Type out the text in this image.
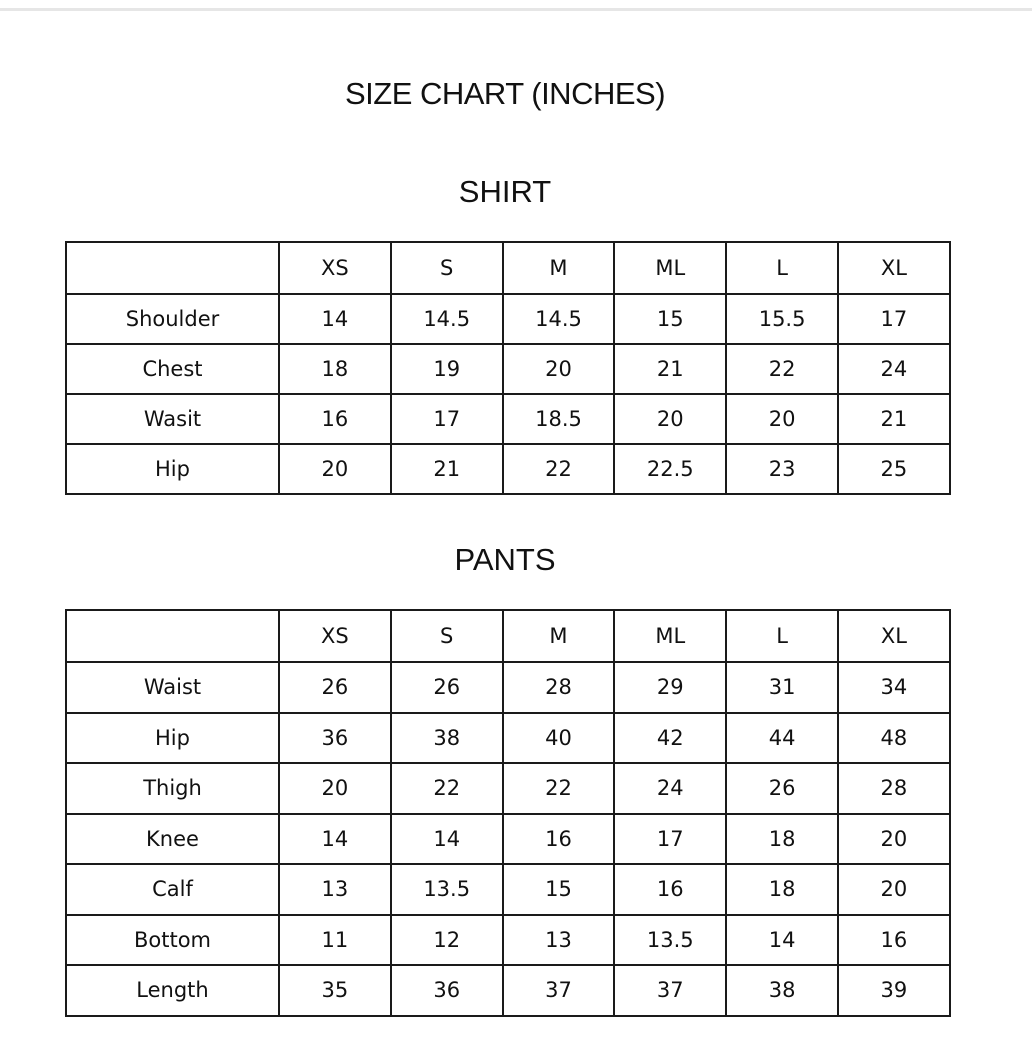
SIZE CHART (INCHES)
SHIRT
	XS	S	M	ML	L	XL
Shoulder	14	14.5	14.5	15	15.5	17
Chest	18	19	20	21	22	24
Wasit	16	17	18.5	20	20	21
Hip	20	21	22	22.5	23	25
PANTS
	XS	S	M	ML	L	XL
Waist	26	26	28	29	31	34
Hip	36	38	40	42	44	48
Thigh	20	22	22	24	26	28
Knee	14	14	16	17	18	20
Calf	13	13.5	15	16	18	20
Bottom	11	12	13	13.5	14	16
Length	35	36	37	37	38	39
